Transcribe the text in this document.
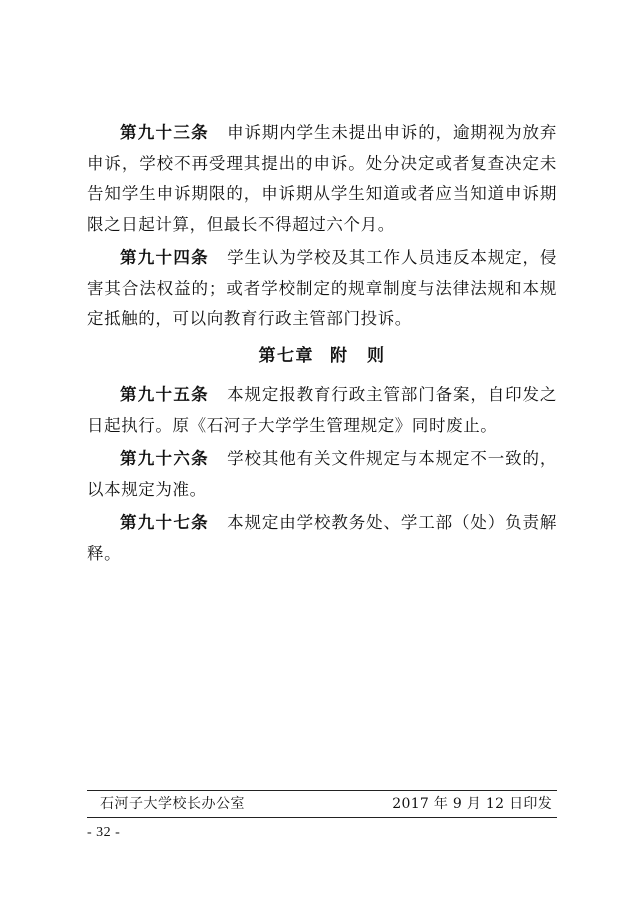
第九十三条 申诉期内学生未提出申诉的，逾期视为放弃申诉，学校不再受理其提出的申诉。处分决定或者复查决定未告知学生申诉期限的，申诉期从学生知道或者应当知道申诉期限之日起计算，但最长不得超过六个月。

第九十四条 学生认为学校及其工作人员违反本规定，侵害其合法权益的；或者学校制定的规章制度与法律法规和本规定抵触的，可以向教育行政主管部门投诉。

第七章 附　则

第九十五条 本规定报教育行政主管部门备案，自印发之日起执行。原《石河子大学学生管理规定》同时废止。

第九十六条 学校其他有关文件规定与本规定不一致的，以本规定为准。

第九十七条 本规定由学校教务处、学工部（处）负责解释。

石河子大学校长办公室	2017 年 9 月 12 日印发
- 32 -
